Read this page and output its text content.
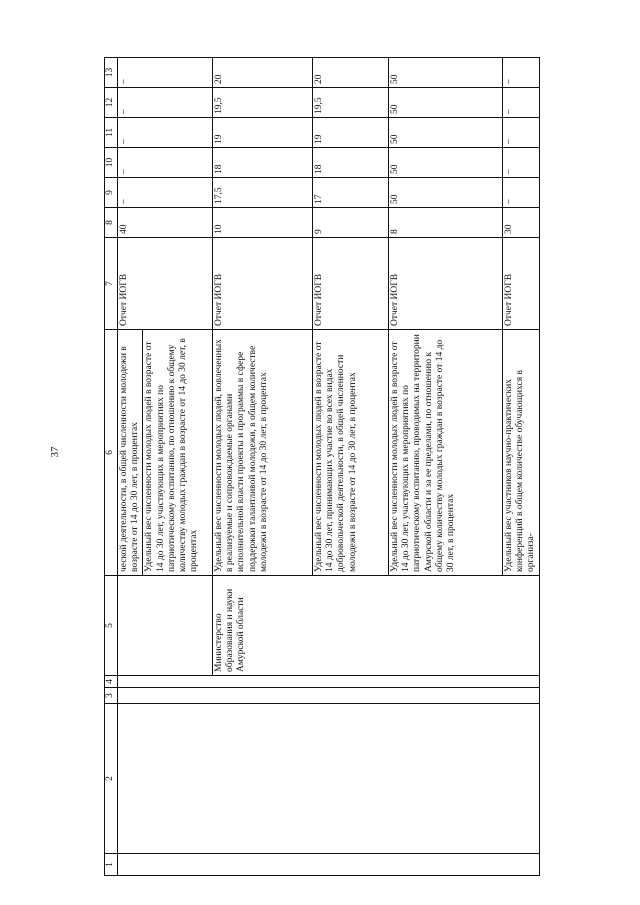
37
1	2	3	4	5	6	7	8	9	10	11	12	13

					ческой деятельности, в общей численности молодежи в возрасте от 14 до 30 лет, в процентах Удельный вес численности молодых людей в возрасте от 14 до 30 лет, участвующих в мероприятиях по патриотическому воспитанию, по отношению к общему количеству молодых граждан в возрасте от 14 до 30 лет, в процентах	Отчет ИОГВ	40	–	–	–	–	–
				Министерство образования и науки Амурской области	Удельный вес численности молодых людей, вовлеченных в реализуемые и сопровождаемые органами исполнительной власти проекты и программы в сфере поддержки талантливой молодежи, в общем количестве молодежи в возрасте от 14 до 30 лет, в процентах	Отчет ИОГВ	10	17,5	18	19	19,5	20
					Удельный вес численности молодых людей в возрасте от 14 до 30 лет, принимающих участие во всех видах добровольческой деятельности, в общей численности молодежи в возрасте от 14 до 30 лет, в процентах	Отчет ИОГВ	9	17	18	19	19,5	20
					Удельный вес численности молодых людей в возрасте от 14 до 30 лет, участвующих в мероприятиях по патриотическому воспитанию, проводимых на территории Амурской области и за ее пределами, по отношению к общему количеству молодых граждан в возрасте от 14 до 30 лет, в процентах	Отчет ИОГВ	8	50	50	50	50	50
					Удельный вес участников научно-практических конференций в общем количестве обучающихся в организа-	Отчет ИОГВ	30	–	–	–	–	–
